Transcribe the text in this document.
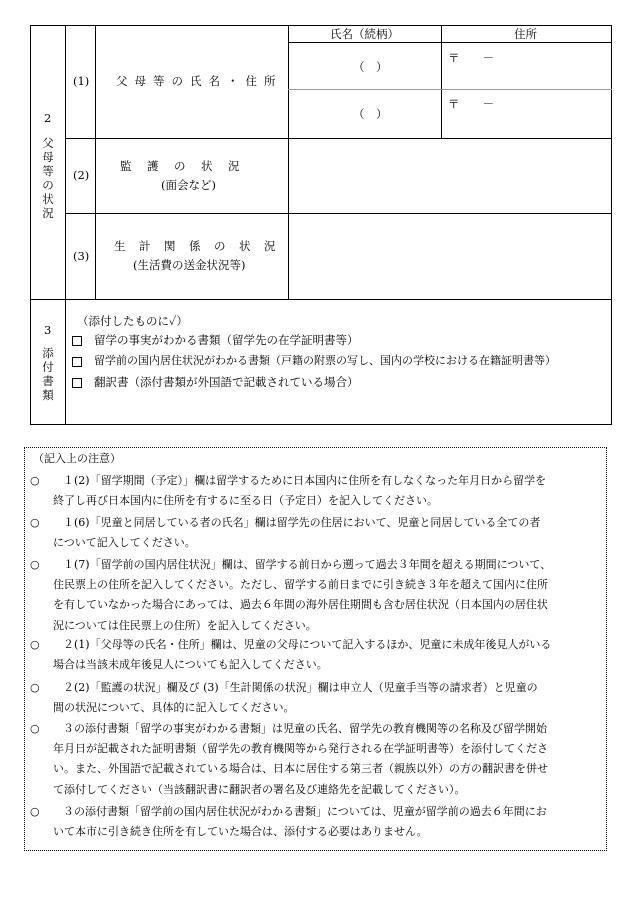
2
父
母
等
の
状
況
氏名（続柄）	住所
(1) 父母等の氏名・住所
（　）
（　）
〒　　－
〒　　－
(2)
監　護　の　状　況
(面会など)
(3)
生　計　関　係　の　状　況
(生活費の送金状況等)
3
添
付
書
類
（添付したものに✓）
留学の事実がわかる書類（留学先の在学証明書等）
留学前の国内居住状況がわかる書類（戸籍の附票の写し、国内の学校における在籍証明書等）
翻訳書（添付書類が外国語で記載されている場合）
（記入上の注意）
○ １(2)「留学期間（予定）」欄は留学するために日本国内に住所を有しなくなった年月日から留学を
終了し再び日本国内に住所を有するに至る日（予定日）を記入してください。
○ １(6)「児童と同居している者の氏名」欄は留学先の住居において、児童と同居している全ての者
について記入してください。
○ １(7)「留学前の国内居住状況」欄は、留学する前日から遡って過去３年間を超える期間について、
住民票上の住所を記入してください。ただし、留学する前日までに引き続き３年を超えて国内に住所
を有していなかった場合にあっては、過去６年間の海外居住期間も含む居住状況（日本国内の居住状
況については住民票上の住所）を記入してください。
○ ２(1)「父母等の氏名・住所」欄は、児童の父母について記入するほか、児童に未成年後見人がいる
場合は当該未成年後見人についても記入してください。
○ ２(2)「監護の状況」欄及び (3)「生計関係の状況」欄は申立人（児童手当等の請求者）と児童の
間の状況について、具体的に記入してください。
○ ３の添付書類「留学の事実がわかる書類」は児童の氏名、留学先の教育機関等の名称及び留学開始
年月日が記載された証明書類（留学先の教育機関等から発行される在学証明書等）を添付してくださ
い。また、外国語で記載されている場合は、日本に居住する第三者（親族以外）の方の翻訳書を併せ
て添付してください（当該翻訳書に翻訳者の署名及び連絡先を記載してください）。
○ ３の添付書類「留学前の国内居住状況がわかる書類」については、児童が留学前の過去６年間にお
いて本市に引き続き住所を有していた場合は、添付する必要はありません。
